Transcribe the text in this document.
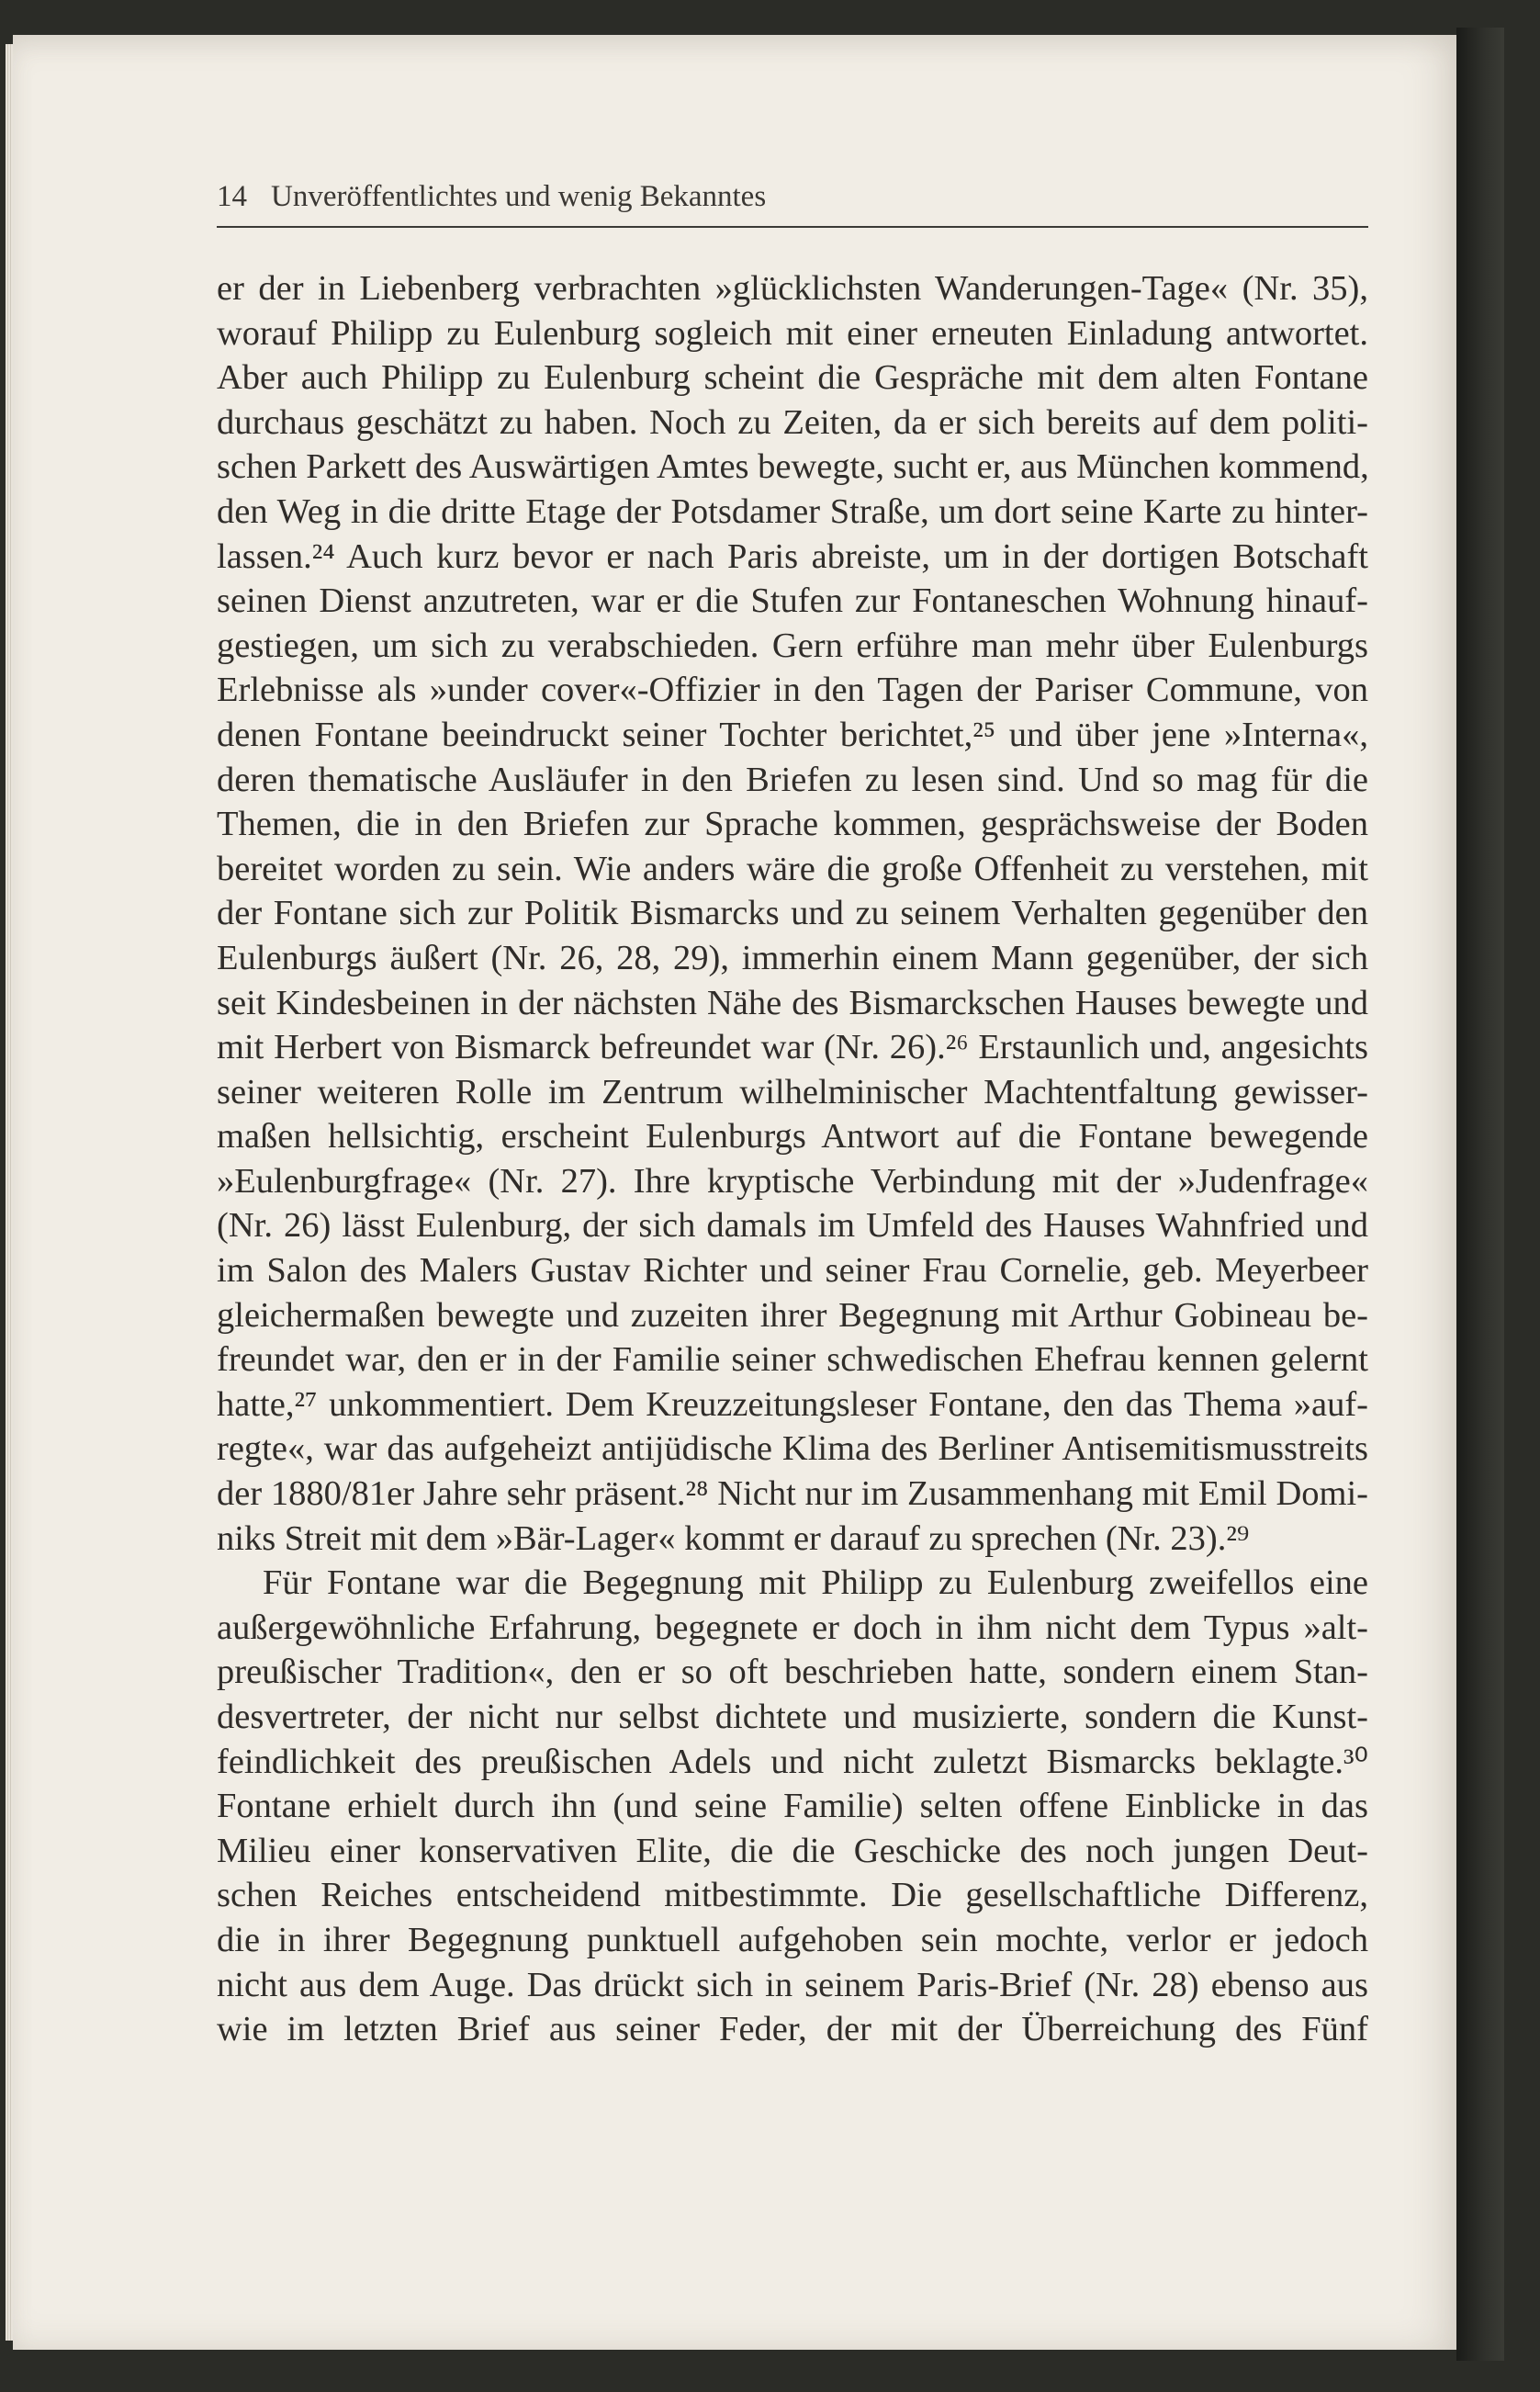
14 Unveröffentlichtes und wenig Bekanntes
er der in Liebenberg verbrachten »glücklichsten Wanderungen-Tage« (Nr. 35),
worauf Philipp zu Eulenburg sogleich mit einer erneuten Einladung antwortet.
Aber auch Philipp zu Eulenburg scheint die Gespräche mit dem alten Fontane
durchaus geschätzt zu haben. Noch zu Zeiten, da er sich bereits auf dem politi-
schen Parkett des Auswärtigen Amtes bewegte, sucht er, aus München kommend,
den Weg in die dritte Etage der Potsdamer Straße, um dort seine Karte zu hinter-
lassen.²⁴ Auch kurz bevor er nach Paris abreiste, um in der dortigen Botschaft
seinen Dienst anzutreten, war er die Stufen zur Fontaneschen Wohnung hinauf-
gestiegen, um sich zu verabschieden. Gern erführe man mehr über Eulenburgs
Erlebnisse als »under cover«-Offizier in den Tagen der Pariser Commune, von
denen Fontane beeindruckt seiner Tochter berichtet,²⁵ und über jene »Interna«,
deren thematische Ausläufer in den Briefen zu lesen sind. Und so mag für die
Themen, die in den Briefen zur Sprache kommen, gesprächsweise der Boden
bereitet worden zu sein. Wie anders wäre die große Offenheit zu verstehen, mit
der Fontane sich zur Politik Bismarcks und zu seinem Verhalten gegenüber den
Eulenburgs äußert (Nr. 26, 28, 29), immerhin einem Mann gegenüber, der sich
seit Kindesbeinen in der nächsten Nähe des Bismarckschen Hauses bewegte und
mit Herbert von Bismarck befreundet war (Nr. 26).²⁶ Erstaunlich und, angesichts
seiner weiteren Rolle im Zentrum wilhelminischer Machtentfaltung gewisser-
maßen hellsichtig, erscheint Eulenburgs Antwort auf die Fontane bewegende
»Eulenburgfrage« (Nr. 27). Ihre kryptische Verbindung mit der »Judenfrage«
(Nr. 26) lässt Eulenburg, der sich damals im Umfeld des Hauses Wahnfried und
im Salon des Malers Gustav Richter und seiner Frau Cornelie, geb. Meyerbeer
gleichermaßen bewegte und zuzeiten ihrer Begegnung mit Arthur Gobineau be-
freundet war, den er in der Familie seiner schwedischen Ehefrau kennen gelernt
hatte,²⁷ unkommentiert. Dem Kreuzzeitungsleser Fontane, den das Thema »auf-
regte«, war das aufgeheizt antijüdische Klima des Berliner Antisemitismusstreits
der 1880/81er Jahre sehr präsent.²⁸ Nicht nur im Zusammenhang mit Emil Domi-
niks Streit mit dem »Bär-Lager« kommt er darauf zu sprechen (Nr. 23).²⁹
Für Fontane war die Begegnung mit Philipp zu Eulenburg zweifellos eine
außergewöhnliche Erfahrung, begegnete er doch in ihm nicht dem Typus »alt-
preußischer Tradition«, den er so oft beschrieben hatte, sondern einem Stan-
desvertreter, der nicht nur selbst dichtete und musizierte, sondern die Kunst-
feindlichkeit des preußischen Adels und nicht zuletzt Bismarcks beklagte.³⁰
Fontane erhielt durch ihn (und seine Familie) selten offene Einblicke in das
Milieu einer konservativen Elite, die die Geschicke des noch jungen Deut-
schen Reiches entscheidend mitbestimmte. Die gesellschaftliche Differenz,
die in ihrer Begegnung punktuell aufgehoben sein mochte, verlor er jedoch
nicht aus dem Auge. Das drückt sich in seinem Paris-Brief (Nr. 28) ebenso aus
wie im letzten Brief aus seiner Feder, der mit der Überreichung des Fünf
